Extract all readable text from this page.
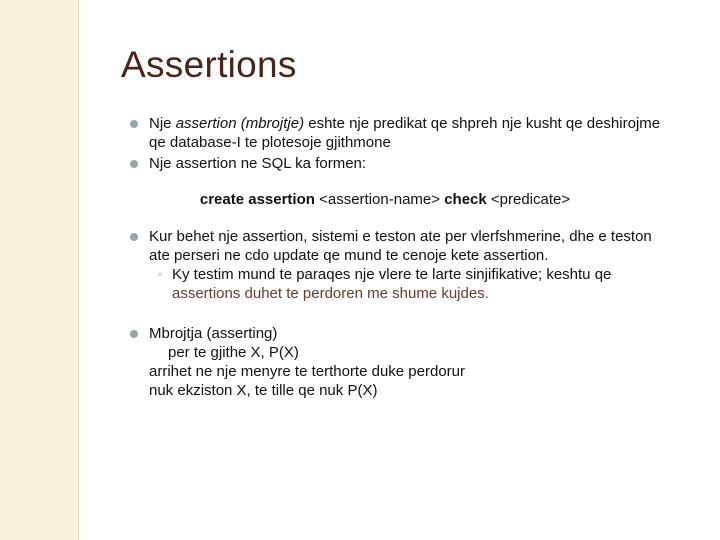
Assertions
Nje assertion (mbrojtje) eshte nje predikat qe shpreh nje kusht qe deshirojme qe database-I te plotesoje gjithmone
Nje assertion ne SQL ka formen:
create assertion <assertion-name> check <predicate>
Kur behet nje assertion, sistemi e teston ate per vlerfshmerine, dhe e teston ate perseri ne cdo update qe mund te cenoje kete assertion.
◦ Ky testim mund te paraqes nje vlere te larte sinjifikative; keshtu qe assertions duhet te perdoren me shume kujdes.
Mbrojtja (asserting)
per te gjithe X, P(X)
arrihet ne nje menyre te terthorte duke perdorur
nuk ekziston X, te tille qe nuk P(X)
